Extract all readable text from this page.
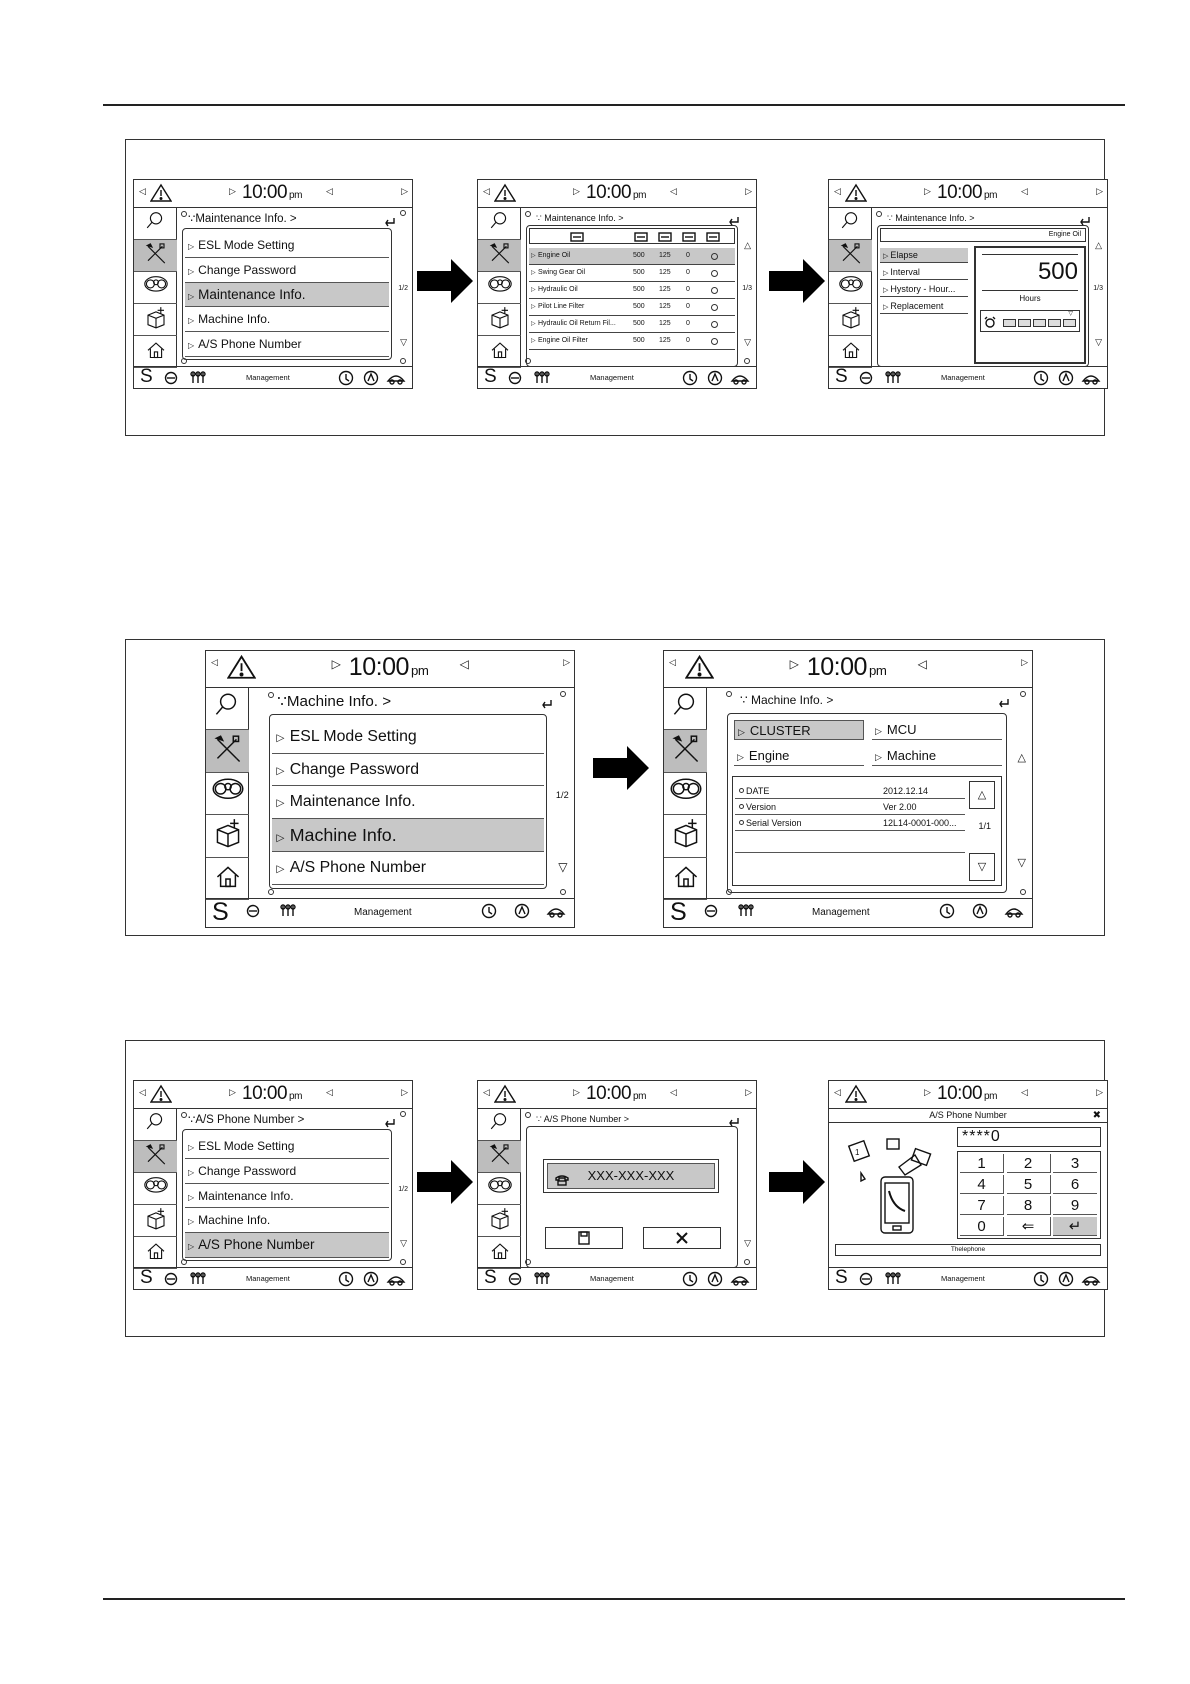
◁	▷ 10:00 pm	◁	▷
S	Management
∵Maintenance Info. >
▷ ESL Mode Setting
▷ Change Password
▷ Maintenance Info.
▷ Machine Info.
▷ A/S Phone Number
1/2
▽
◁	▷ 10:00 pm	◁	▷
S	Management
∵ Maintenance Info. >
▷ Engine Oil	500 125 0
▷ Swing Gear Oil	500 125 0
▷ Hydraulic Oil	500 125 0
▷ Pilot Line Filter	500 125 0
▷ Hydraulic Oil Return Fil... 500 125 0
▷ Engine Oil Filter	500 125 0
1/3
△
▽
◁	▷ 10:00 pm	◁	▷
S	Management
∵ Maintenance Info. >
Engine Oil
▷ Elapse
▷ Interval
▷ Hystory - Hour...
▷ Replacement
500
Hours
▽
1/3
△
▽
◁	▷ 10:00 pm	◁	▷
S	Management
∵Machine Info. >
▷ ESL Mode Setting
▷ Change Password
▷ Maintenance Info.
▷ Machine Info.
▷ A/S Phone Number
1/2
▽
◁	▷ 10:00 pm	◁	▷
S	Management
∵ Machine Info. >
▷ CLUSTER	▷ MCU
▷ Engine	▷ Machine
DATE	2012.12.14
Version	Ver 2.00
Serial Version	12L14-0001-000...
△
1/1
▽
△
▽
◁	▷ 10:00 pm	◁	▷
S	Management
∵A/S Phone Number >
▷ ESL Mode Setting
▷ Change Password
▷ Maintenance Info.
▷ Machine Info.
▷ A/S Phone Number
1/2
▽
◁	▷ 10:00 pm	◁	▷
S	Management
∵ A/S Phone Number >
XXX-XXX-XXX
▽
◁	▷ 10:00 pm	◁	▷
A/S Phone Number	✖
1
****0
1	2	3
4	5	6
7	8	9
0	⇐	↵
Thelephone
S	Management
